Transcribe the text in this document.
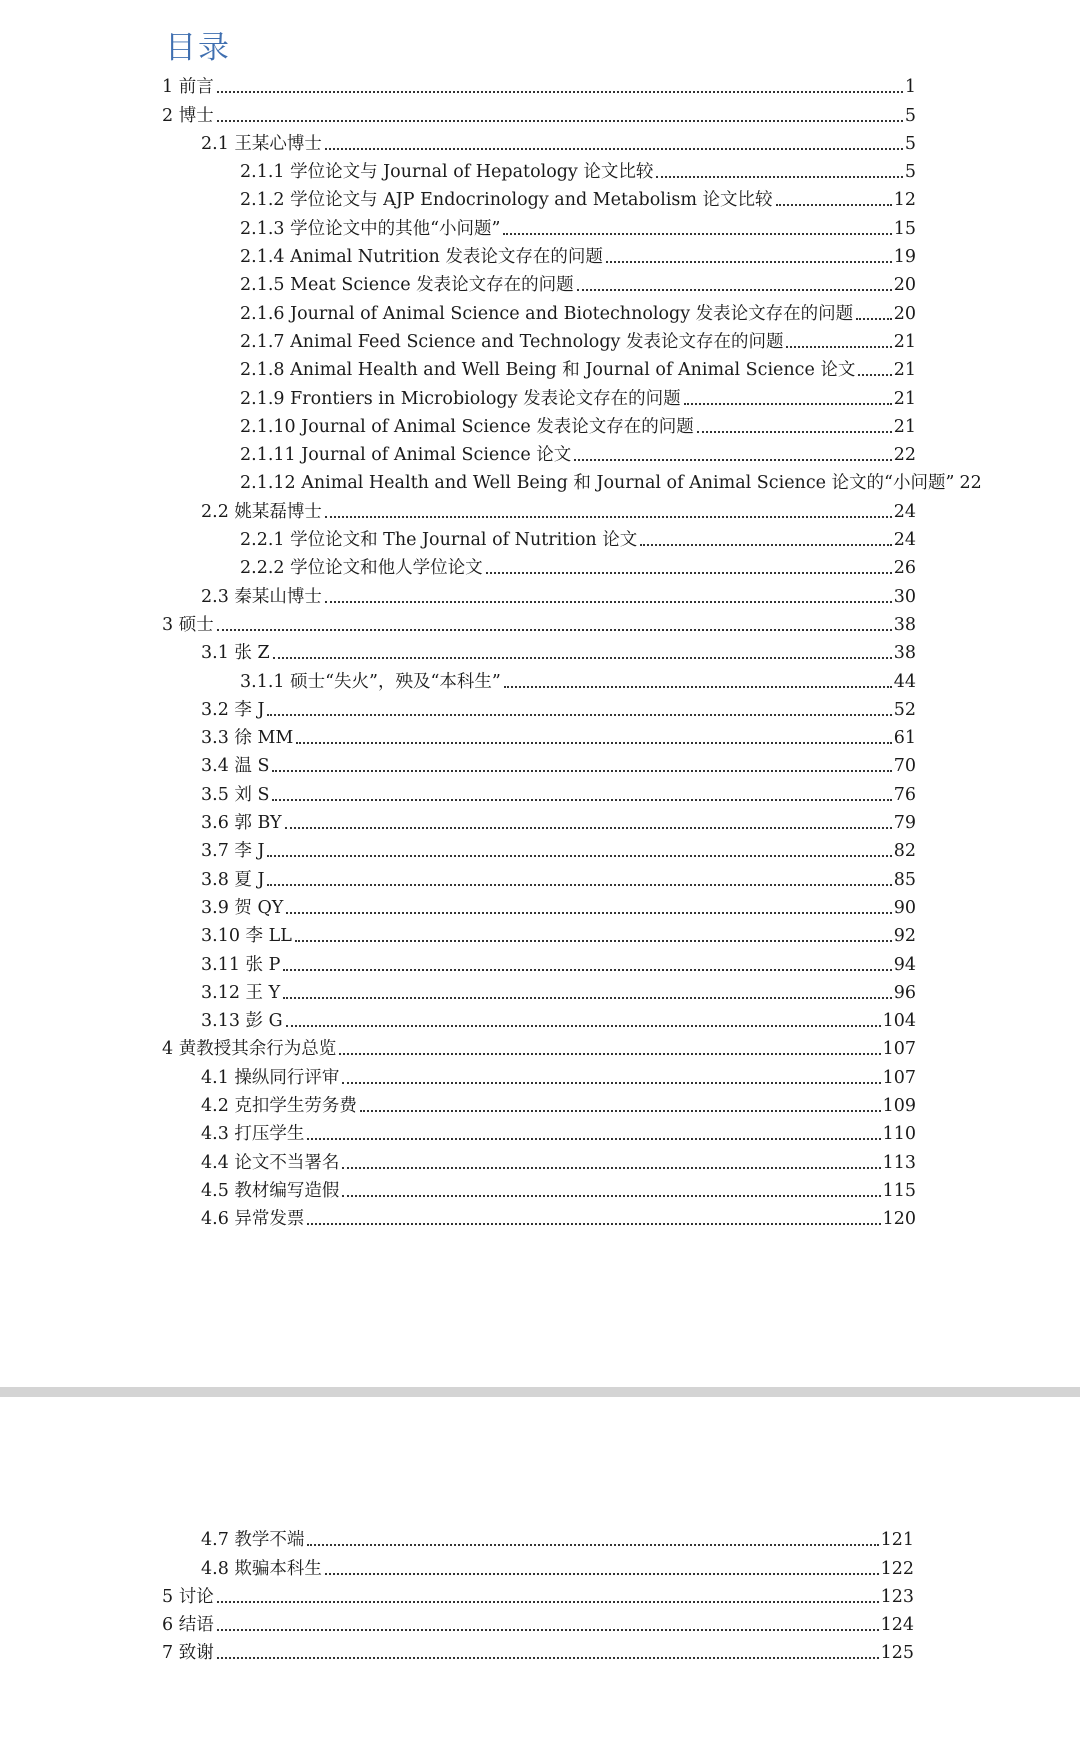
目录
1 前言	1
2 博士	5
2.1 王某心博士	5
2.1.1 学位论文与 Journal of Hepatology 论文比较	5
2.1.2 学位论文与 AJP Endocrinology and Metabolism 论文比较	12
2.1.3 学位论文中的其他“小问题”	15
2.1.4 Animal Nutrition 发表论文存在的问题	19
2.1.5 Meat Science 发表论文存在的问题	20
2.1.6 Journal of Animal Science and Biotechnology 发表论文存在的问题 20
2.1.7 Animal Feed Science and Technology 发表论文存在的问题	21
2.1.8 Animal Health and Well Being 和 Journal of Animal Science 论文 21
2.1.9 Frontiers in Microbiology 发表论文存在的问题	21
2.1.10 Journal of Animal Science 发表论文存在的问题	21
2.1.11 Journal of Animal Science 论文	22
2.1.12 Animal Health and Well Being 和 Journal of Animal Science 论文的“小问题” 22
2.2 姚某磊博士	24
2.2.1 学位论文和 The Journal of Nutrition 论文	24
2.2.2 学位论文和他人学位论文	26
2.3 秦某山博士	30
3 硕士	38
3.1 张 Z	38
3.1.1 硕士“失火”，殃及“本科生”	44
3.2 李 J	52
3.3 徐 MM	61
3.4 温 S	70
3.5 刘 S	76
3.6 郭 BY	79
3.7 李 J	82
3.8 夏 J	85
3.9 贺 QY	90
3.10 李 LL	92
3.11 张 P	94
3.12 王 Y	96
3.13 彭 G	104
4 黄教授其余行为总览	107
4.1 操纵同行评审	107
4.2 克扣学生劳务费	109
4.3 打压学生	110
4.4 论文不当署名	113
4.5 教材编写造假	115
4.6 异常发票	120
4.7 教学不端	121
4.8 欺骗本科生	122
5 讨论	123
6 结语	124
7 致谢	125
